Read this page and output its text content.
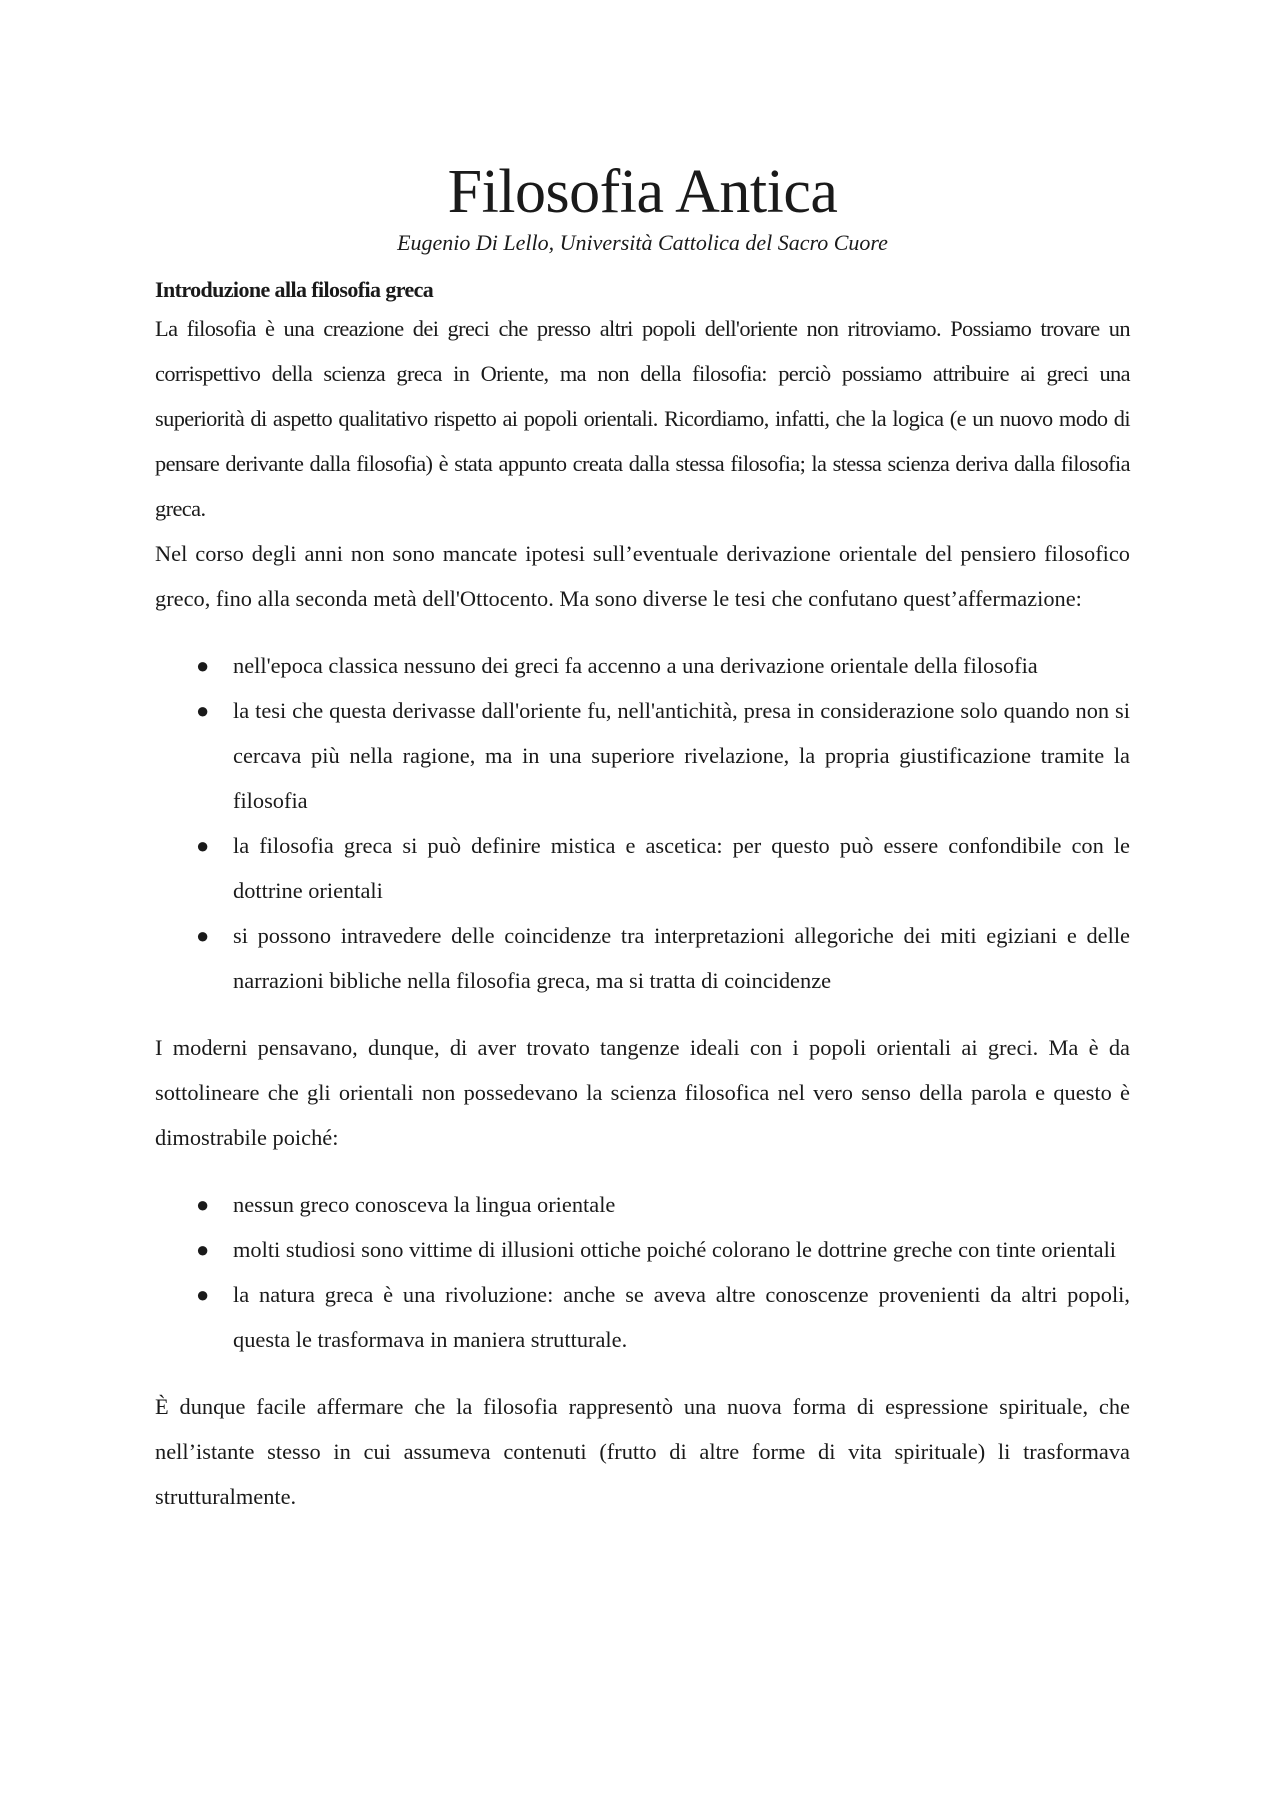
Filosofia Antica
Eugenio Di Lello, Università Cattolica del Sacro Cuore
Introduzione alla filosofia greca

La filosofia è una creazione dei greci che presso altri popoli dell'oriente non ritroviamo. Possiamo trovare un corrispettivo della scienza greca in Oriente, ma non della filosofia: perciò possiamo attribuire ai greci una superiorità di aspetto qualitativo rispetto ai popoli orientali. Ricordiamo, infatti, che la logica (e un nuovo modo di pensare derivante dalla filosofia) è stata appunto creata dalla stessa filosofia; la stessa scienza deriva dalla filosofia greca.

Nel corso degli anni non sono mancate ipotesi sull’eventuale derivazione orientale del pensiero filosofico greco, fino alla seconda metà dell'Ottocento. Ma sono diverse le tesi che confutano quest’affermazione:

● nell'epoca classica nessuno dei greci fa accenno a una derivazione orientale della filosofia
● la tesi che questa derivasse dall'oriente fu, nell'antichità, presa in considerazione solo quando non si cercava più nella ragione, ma in una superiore rivelazione, la propria giustificazione tramite la filosofia
● la filosofia greca si può definire mistica e ascetica: per questo può essere confondibile con le dottrine orientali
● si possono intravedere delle coincidenze tra interpretazioni allegoriche dei miti egiziani e delle narrazioni bibliche nella filosofia greca, ma si tratta di coincidenze

I moderni pensavano, dunque, di aver trovato tangenze ideali con i popoli orientali ai greci. Ma è da sottolineare che gli orientali non possedevano la scienza filosofica nel vero senso della parola e questo è dimostrabile poiché:

● nessun greco conosceva la lingua orientale
● molti studiosi sono vittime di illusioni ottiche poiché colorano le dottrine greche con tinte orientali
● la natura greca è una rivoluzione: anche se aveva altre conoscenze provenienti da altri popoli, questa le trasformava in maniera strutturale.

È dunque facile affermare che la filosofia rappresentò una nuova forma di espressione spirituale, che nell’istante stesso in cui assumeva contenuti (frutto di altre forme di vita spirituale) li trasformava strutturalmente.
